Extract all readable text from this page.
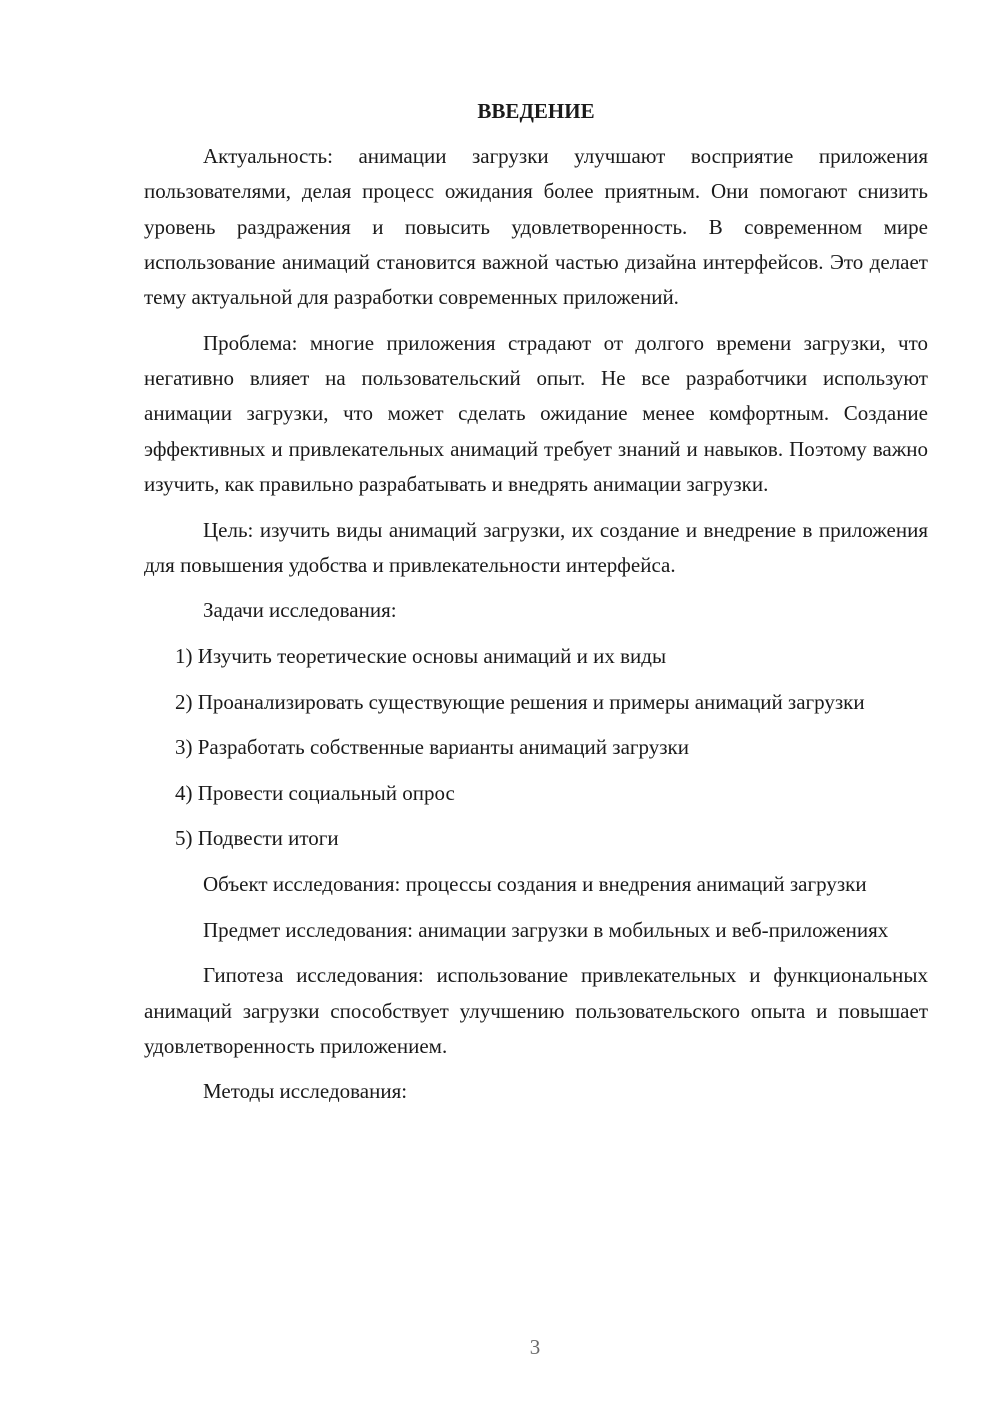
ВВЕДЕНИЕ

Актуальность: анимации загрузки улучшают восприятие приложения пользователями, делая процесс ожидания более приятным. Они помогают снизить уровень раздражения и повысить удовлетворенность. В современном мире использование анимаций становится важной частью дизайна интерфейсов. Это делает тему актуальной для разработки современных приложений.

Проблема: многие приложения страдают от долгого времени загрузки, что негативно влияет на пользовательский опыт. Не все разработчики используют анимации загрузки, что может сделать ожидание менее комфортным. Создание эффективных и привлекательных анимаций требует знаний и навыков. Поэтому важно изучить, как правильно разрабатывать и внедрять анимации загрузки.

Цель: изучить виды анимаций загрузки, их создание и внедрение в приложения для повышения удобства и привлекательности интерфейса.

Задачи исследования:

1) Изучить теоретические основы анимаций и их виды

2) Проанализировать существующие решения и примеры анимаций загрузки

3) Разработать собственные варианты анимаций загрузки

4) Провести социальный опрос

5) Подвести итоги

Объект исследования: процессы создания и внедрения анимаций загрузки

Предмет исследования: анимации загрузки в мобильных и веб-приложениях

Гипотеза исследования: использование привлекательных и функциональных анимаций загрузки способствует улучшению пользовательского опыта и повышает удовлетворенность приложением.

Методы исследования:

3
